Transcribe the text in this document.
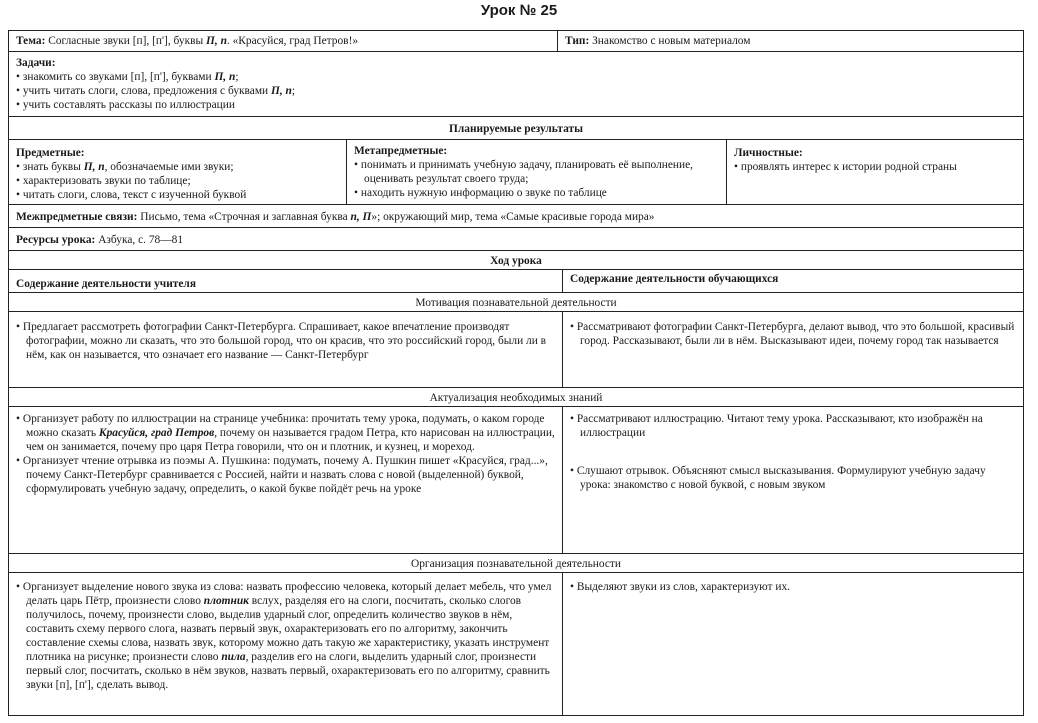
Урок № 25
Тема: Согласные звуки [п], [п'], буквы П, п. «Красуйся, град Петров!»	Тип: Знакомство с новым материалом
Задачи:
• знакомить со звуками [п], [п'], буквами П, п;
• учить читать слоги, слова, предложения с буквами П, п;
• учить составлять рассказы по иллюстрации
Планируемые результаты
Предметные:
• знать буквы П, п, обозначаемые ими звуки;
• характеризовать звуки по таблице;
• читать слоги, слова, текст с изученной буквой
Метапредметные:
• понимать и принимать учебную задачу, планировать её выполнение, оценивать результат своего труда;
• находить нужную информацию о звуке по таблице
Личностные:
• проявлять интерес к истории родной страны
Межпредметные связи: Письмо, тема «Строчная и заглавная буква п, П»; окружающий мир, тема «Самые красивые города мира»
Ресурсы урока: Азбука, с. 78—81
Ход урока
Содержание деятельности учителя	Содержание деятельности обучающихся
Мотивация познавательной деятельности
• Предлагает рассмотреть фотографии Санкт-Петербурга. Спрашивает, какое впечатление производят фотографии, можно ли сказать, что это большой город, что он красив, что это российский город, были ли в нём, как он называется, что означает его название — Санкт-Петербург
• Рассматривают фотографии Санкт-Петербурга, делают вывод, что это большой, красивый город. Рассказывают, были ли в нём. Высказывают идеи, почему город так называется
Актуализация необходимых знаний
• Организует работу по иллюстрации на странице учебника: прочитать тему урока, подумать, о каком городе можно сказать Красуйся, град Петров, почему он называется градом Петра, кто нарисован на иллюстрации, чем он занимается, почему про царя Петра говорили, что он и плотник, и кузнец, и мореход.
• Организует чтение отрывка из поэмы А. Пушкина: подумать, почему А. Пушкин пишет «Красуйся, град...», почему Санкт-Петербург сравнивается с Россией, найти и назвать слова с новой (выделенной) буквой, сформулировать учебную задачу, определить, о какой букве пойдёт речь на уроке
• Рассматривают иллюстрацию. Читают тему урока. Рассказывают, кто изображён на иллюстрации
• Слушают отрывок. Объясняют смысл высказывания. Формулируют учебную задачу урока: знакомство с новой буквой, с новым звуком
Организация познавательной деятельности
• Организует выделение нового звука из слова: назвать профессию человека, который делает мебель, что умел делать царь Пётр, произнести слово плотник вслух, разделяя его на слоги, посчитать, сколько слогов получилось, почему, произнести слово, выделив ударный слог, определить количество звуков в нём, составить схему первого слога, назвать первый звук, охарактеризовать его по алгоритму, закончить составление схемы слова, назвать звук, которому можно дать такую же характеристику, указать инструмент плотника на рисунке; произнести слово пила, разделив его на слоги, выделить ударный слог, произнести первый слог, посчитать, сколько в нём звуков, назвать первый, охарактеризовать его по алгоритму, сравнить звуки [п], [п'], сделать вывод.
• Выделяют звуки из слов, характеризуют их.
